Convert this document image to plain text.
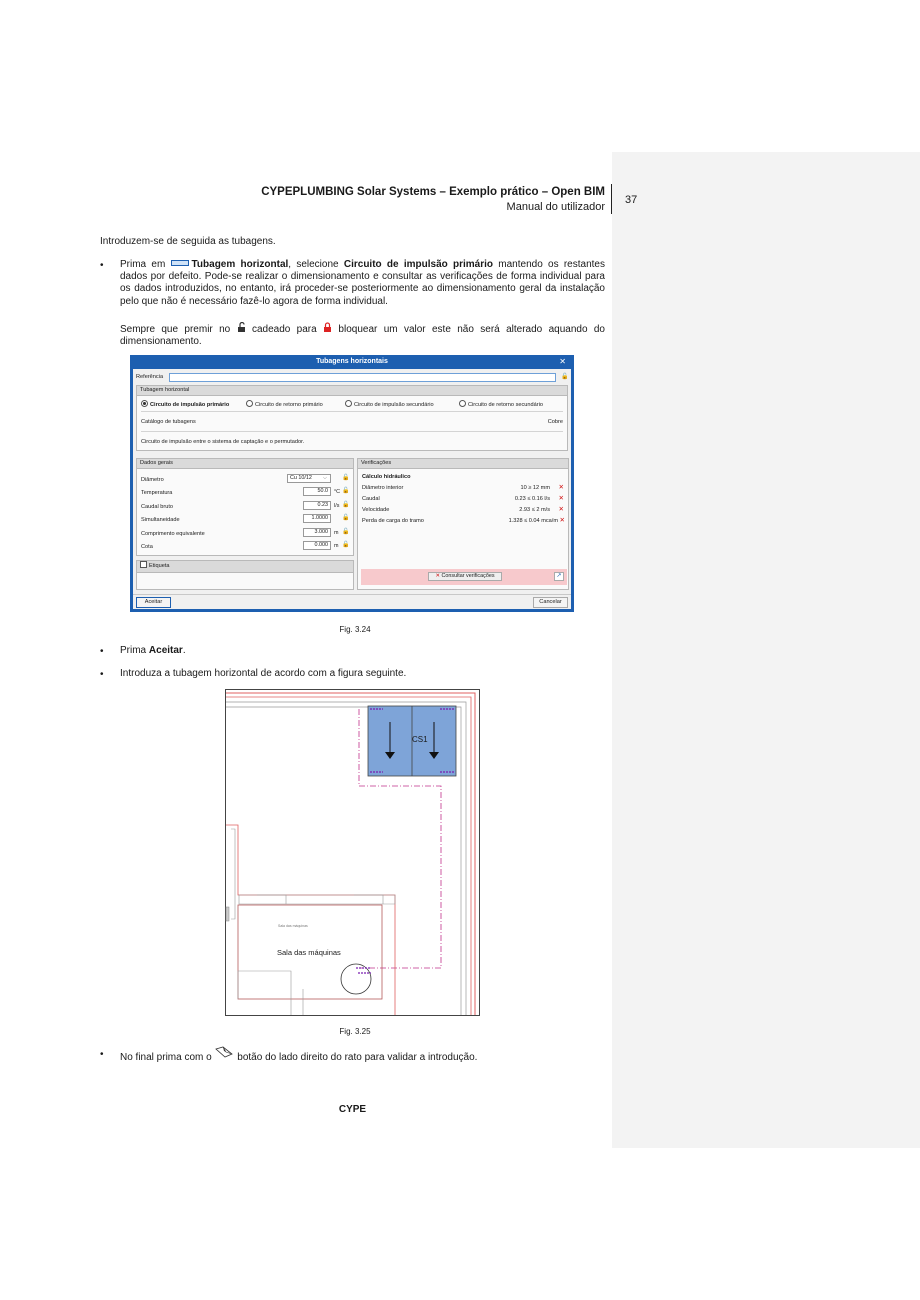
CYPEPLUMBING Solar Systems – Exemplo prático – Open BIM
Manual do utilizador
37
Introduzem-se de seguida as tubagens.
• Prima em Tubagem horizontal, selecione Circuito de impulsão primário mantendo os restantes dados por defeito. Pode-se realizar o dimensionamento e consultar as verificações de forma individual para os dados introduzidos, no entanto, irá proceder-se posteriormente ao dimensionamento geral da instalação pelo que não é necessário fazê-lo agora de forma individual.
Sempre que premir no  cadeado para  bloquear um valor este não será alterado aquando do dimensionamento.
Tubagens horizontais	✕
Referência	🔓
Tubagem horizontal
Circuito de impulsão primário	Circuito de retorno primário	Circuito de impulsão secundário	Circuito de retorno secundário
Catálogo de tubagens	Cobre
Circuito de impulsão entre o sistema de captação e o permutador.
Dados gerais
Diâmetro	Cu 10/12 ⌵	🔓
Temperatura	50.0	°C 🔓
Caudal bruto	0.23	l/s 🔓
Simultaneidade	1.0000	🔓
Comprimento equivalente	3.000	m 🔓
Cota	0.000	m 🔓
Etiqueta
Verificações
Cálculo hidráulico
Diâmetro interior	10 ≥ 12 mm ✕
Caudal	0.23 ≤ 0.16 l/s ✕
Velocidade	2.93 ≤ 2 m/s ✕
Perda de carga do tramo	1.328 ≤ 0.04 mca/m ✕
✕ Consultar verificações	↗
Aceitar	Cancelar
Fig. 3.24
• Prima Aceitar.
• Introduza a tubagem horizontal de acordo com a figura seguinte.
CS1
Sala das máquinas
Sala das máquinas
Fig. 3.25
• No final prima com o  botão do lado direito do rato para validar a introdução.
CYPE
